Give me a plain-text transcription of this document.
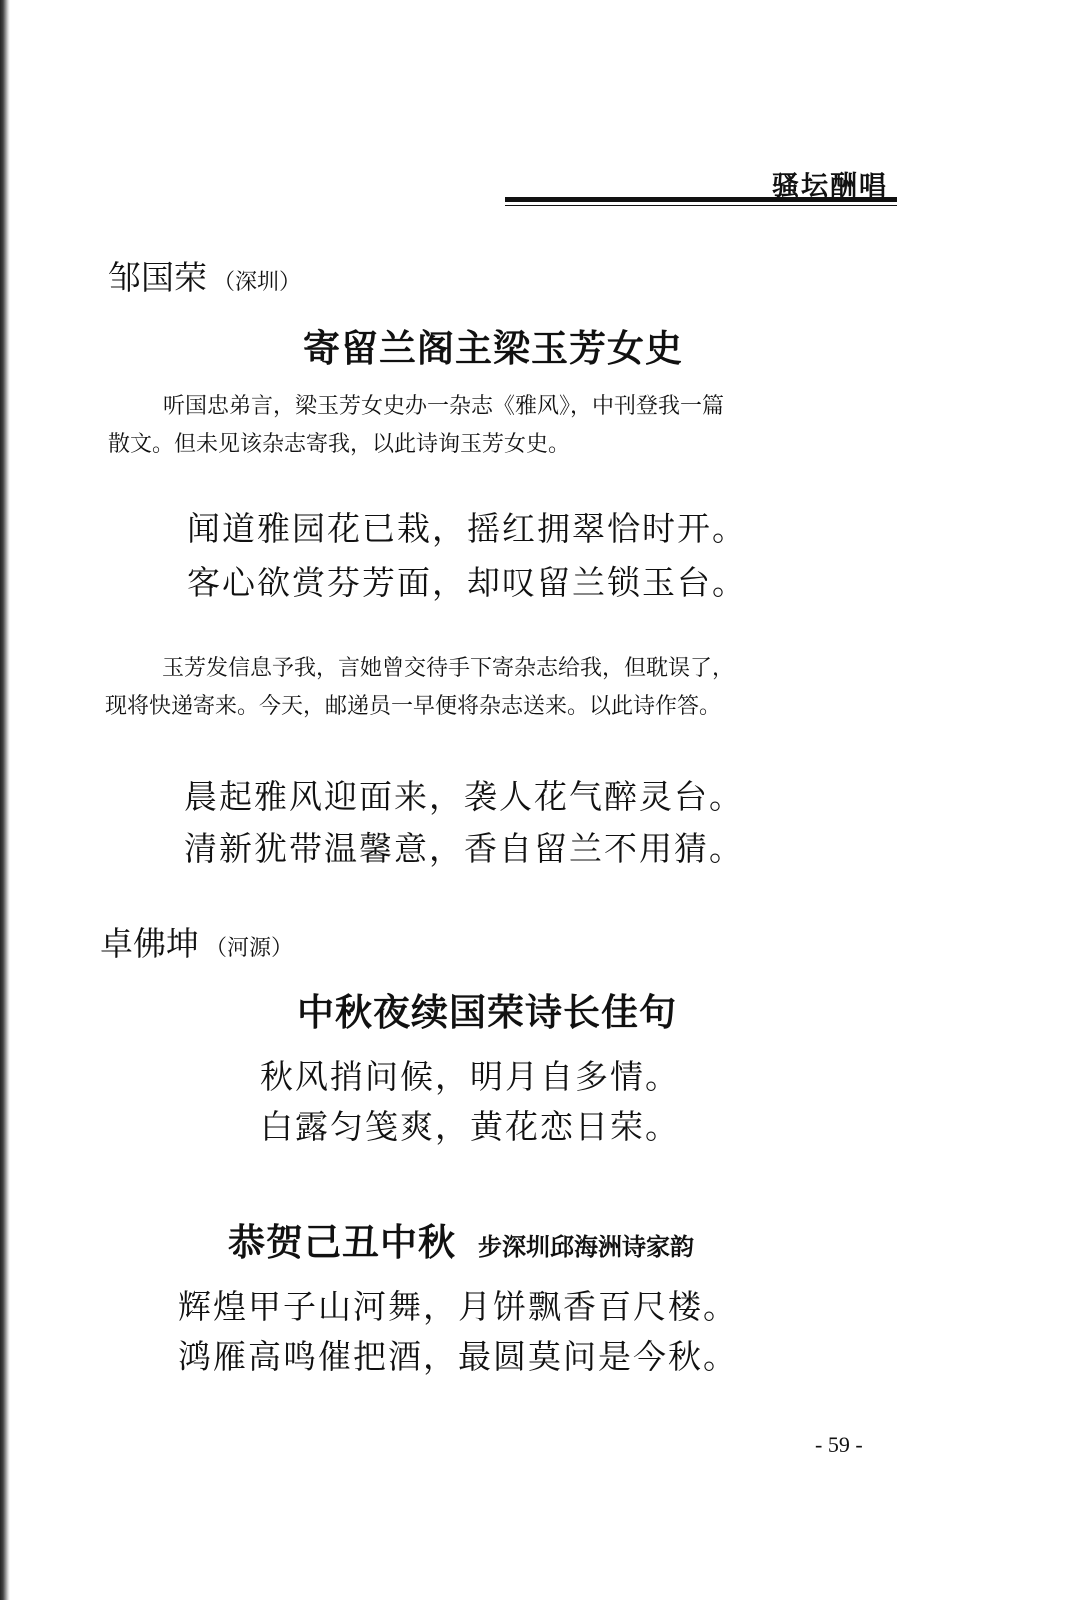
骚坛酬唱
邹国荣 （深圳）
寄留兰阁主梁玉芳女史
听国忠弟言，梁玉芳女史办一杂志《雅风》，中刊登我一篇
散文。但未见该杂志寄我，以此诗询玉芳女史。
闻道雅园花已栽，摇红拥翠恰时开。
客心欲赏芬芳面，却叹留兰锁玉台。
玉芳发信息予我，言她曾交待手下寄杂志给我，但耽误了，
现将快递寄来。今天，邮递员一早便将杂志送来。以此诗作答。
晨起雅风迎面来，袭人花气醉灵台。
清新犹带温馨意，香自留兰不用猜。
卓佛坤 （河源）
中秋夜续国荣诗长佳句
秋风捎问候，明月自多情。
白露匀笺爽，黄花恋日荣。
恭贺己丑中秋 步深圳邱海洲诗家韵
辉煌甲子山河舞，月饼飘香百尺楼。
鸿雁高鸣催把酒，最圆莫问是今秋。
- 59 -
